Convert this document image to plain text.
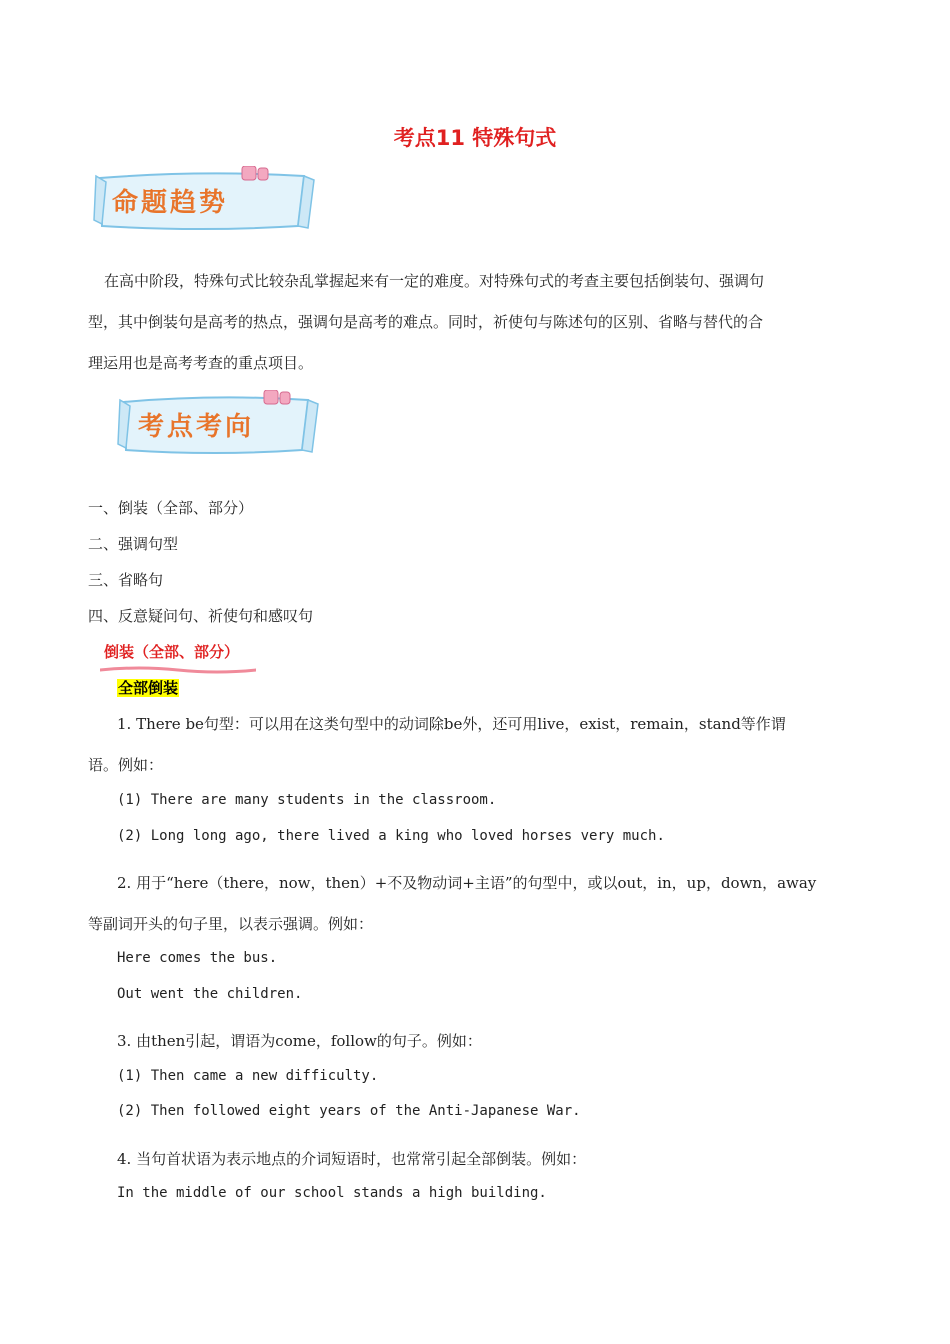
考点11 特殊句式
命题趋势
在高中阶段，特殊句式比较杂乱掌握起来有一定的难度。对特殊句式的考查主要包括倒装句、强调句
型，其中倒装句是高考的热点，强调句是高考的难点。同时，祈使句与陈述句的区别、省略与替代的合
理运用也是高考考查的重点项目。
考点考向
一、倒装（全部、部分）
二、强调句型
三、省略句
四、反意疑问句、祈使句和感叹句
倒装（全部、部分）
全部倒装
1. There be句型：可以用在这类句型中的动词除be外，还可用live，exist，remain，stand等作谓
语。例如：
(1) There are many students in the classroom.
(2) Long long ago, there lived a king who loved horses very much.
2. 用于“here（there，now，then）+不及物动词+主语”的句型中，或以out，in，up，down，away
等副词开头的句子里，以表示强调。例如：
Here comes the bus.
Out went the children.
3. 由then引起，谓语为come，follow的句子。例如：
(1) Then came a new difficulty.
(2) Then followed eight years of the Anti-Japanese War.
4. 当句首状语为表示地点的介词短语时，也常常引起全部倒装。例如：
In the middle of our school stands a high building.
